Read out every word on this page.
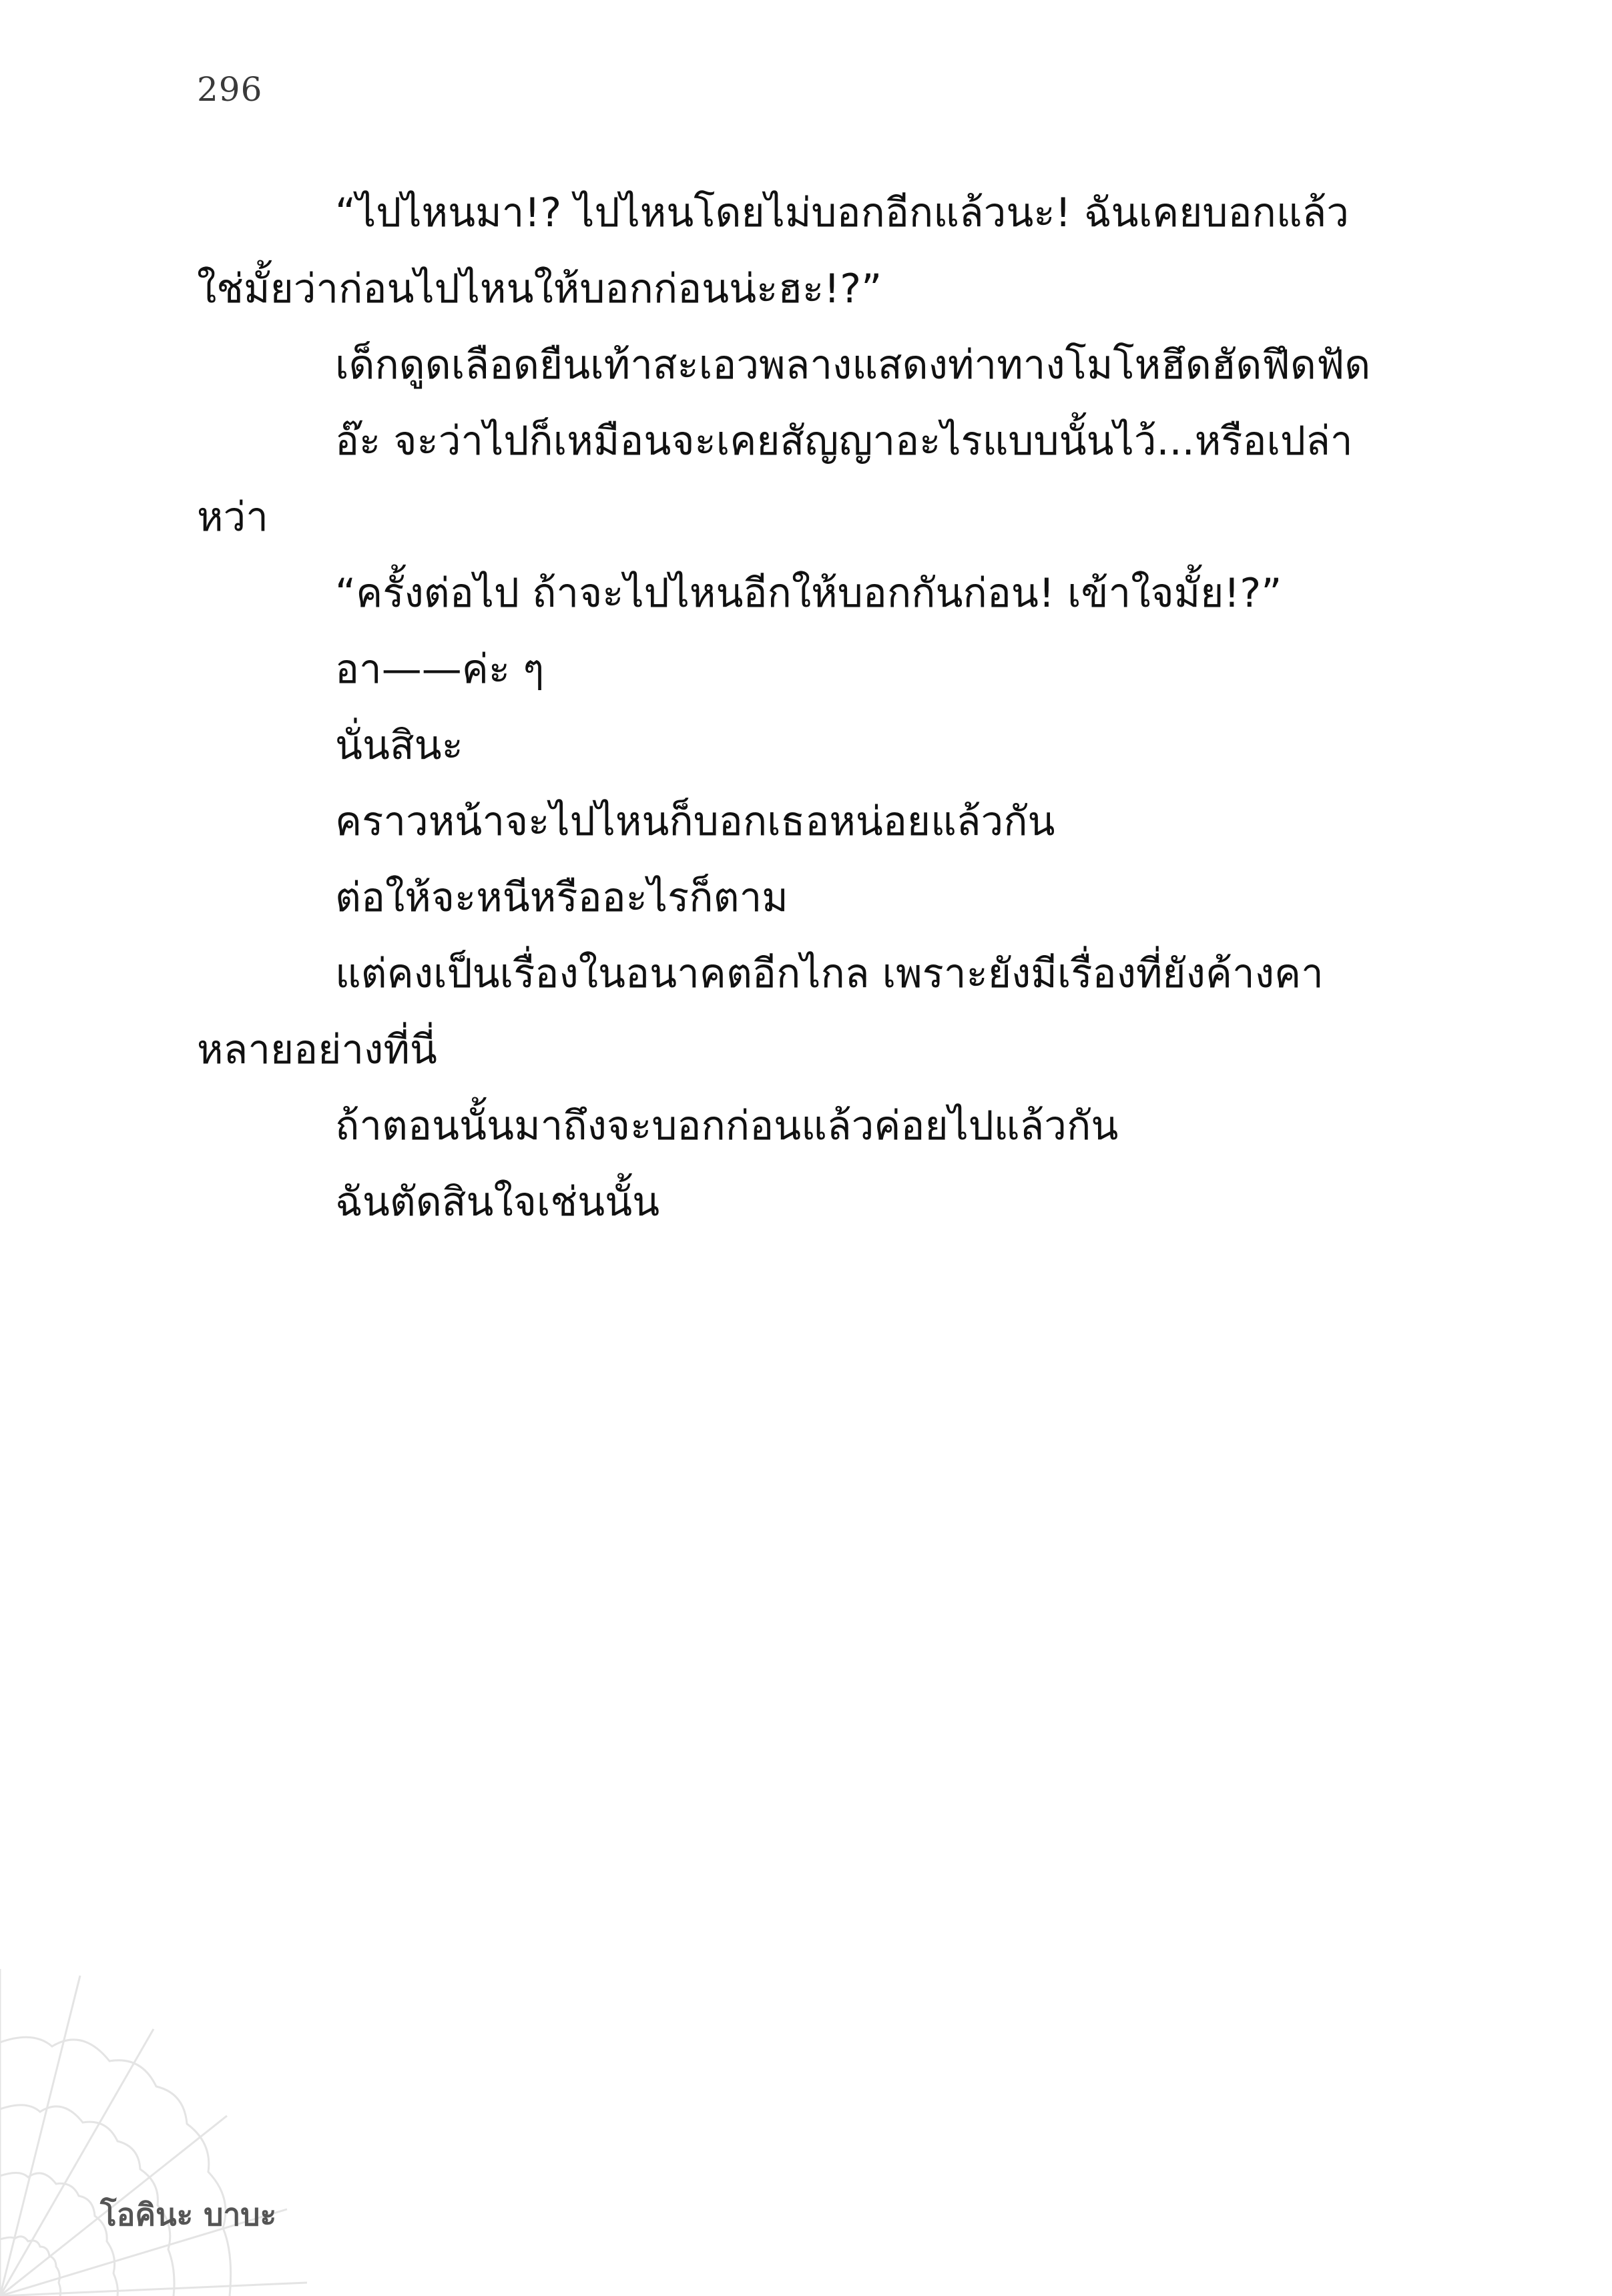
296
“ไปไหนมา!? ไปไหนโดยไม่บอกอีกแล้วนะ! ฉันเคยบอกแล้ว
ใช่มั้ยว่าก่อนไปไหนให้บอกก่อนน่ะฮะ!?”
เด็กดูดเลือดยืนเท้าสะเอวพลางแสดงท่าทางโมโหฮึดฮัดฟึดฟัด
อ๊ะ จะว่าไปก็เหมือนจะเคยสัญญาอะไรแบบนั้นไว้...หรือเปล่า
หว่า
“ครั้งต่อไป ถ้าจะไปไหนอีกให้บอกกันก่อน! เข้าใจมั้ย!?”
อา——ค่ะ ๆ
นั่นสินะ
คราวหน้าจะไปไหนก็บอกเธอหน่อยแล้วกัน
ต่อให้จะหนีหรืออะไรก็ตาม
แต่คงเป็นเรื่องในอนาคตอีกไกล เพราะยังมีเรื่องที่ยังค้างคา
หลายอย่างที่นี่
ถ้าตอนนั้นมาถึงจะบอกก่อนแล้วค่อยไปแล้วกัน
ฉันตัดสินใจเช่นนั้น
โอคินะ บาบะ
